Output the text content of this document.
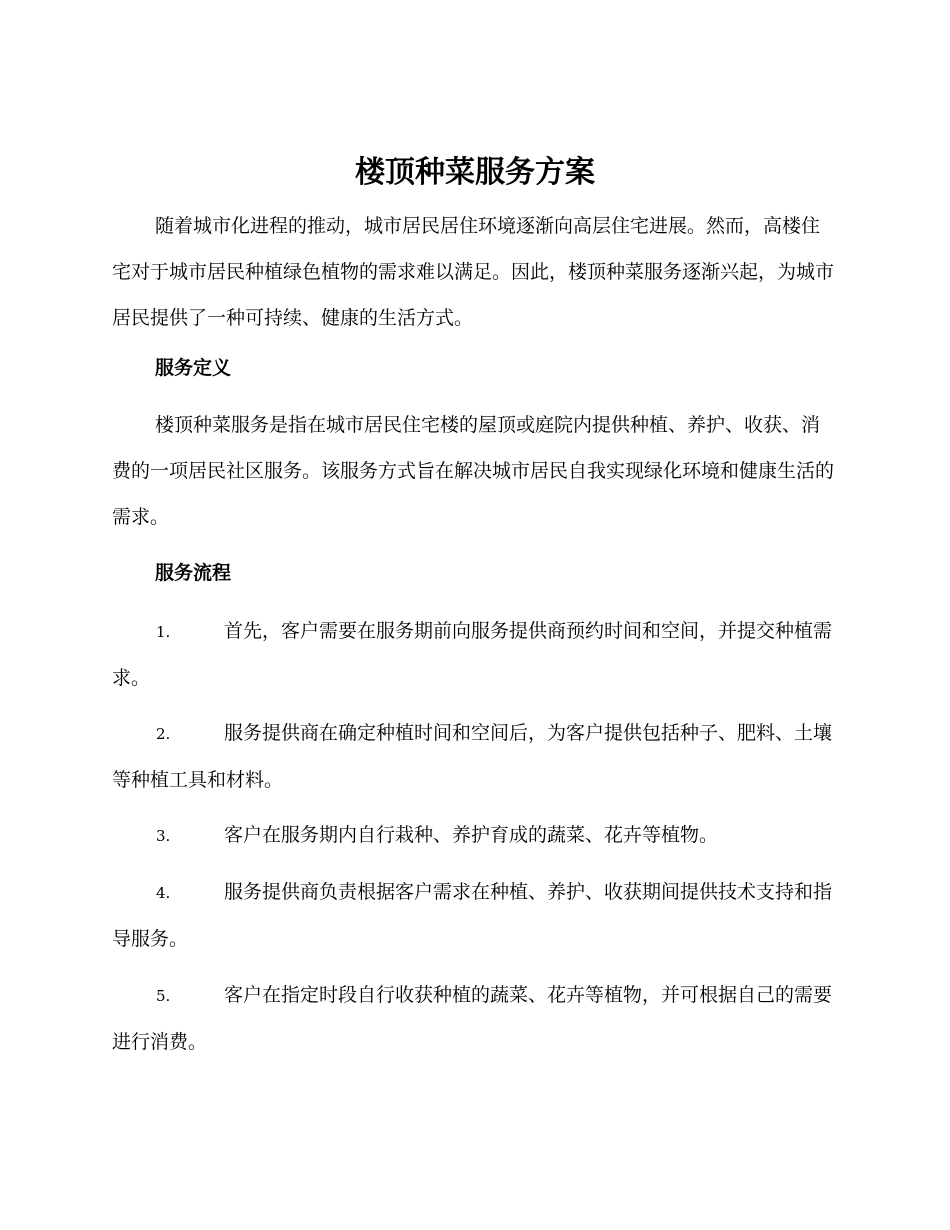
楼顶种菜服务方案

随着城市化进程的推动，城市居民居住环境逐渐向高层住宅进展。然而，高楼住宅对于城市居民种植绿色植物的需求难以满足。因此，楼顶种菜服务逐渐兴起，为城市居民提供了一种可持续、健康的生活方式。

服务定义

楼顶种菜服务是指在城市居民住宅楼的屋顶或庭院内提供种植、养护、收获、消费的一项居民社区服务。该服务方式旨在解决城市居民自我实现绿化环境和健康生活的需求。

服务流程
1.	首先，客户需要在服务期前向服务提供商预约时间和空间，并提交种植需求。
2.	服务提供商在确定种植时间和空间后，为客户提供包括种子、肥料、土壤等种植工具和材料。
3.	客户在服务期内自行栽种、养护育成的蔬菜、花卉等植物。
4.	服务提供商负责根据客户需求在种植、养护、收获期间提供技术支持和指导服务。
5.	客户在指定时段自行收获种植的蔬菜、花卉等植物，并可根据自己的需要进行消费。
